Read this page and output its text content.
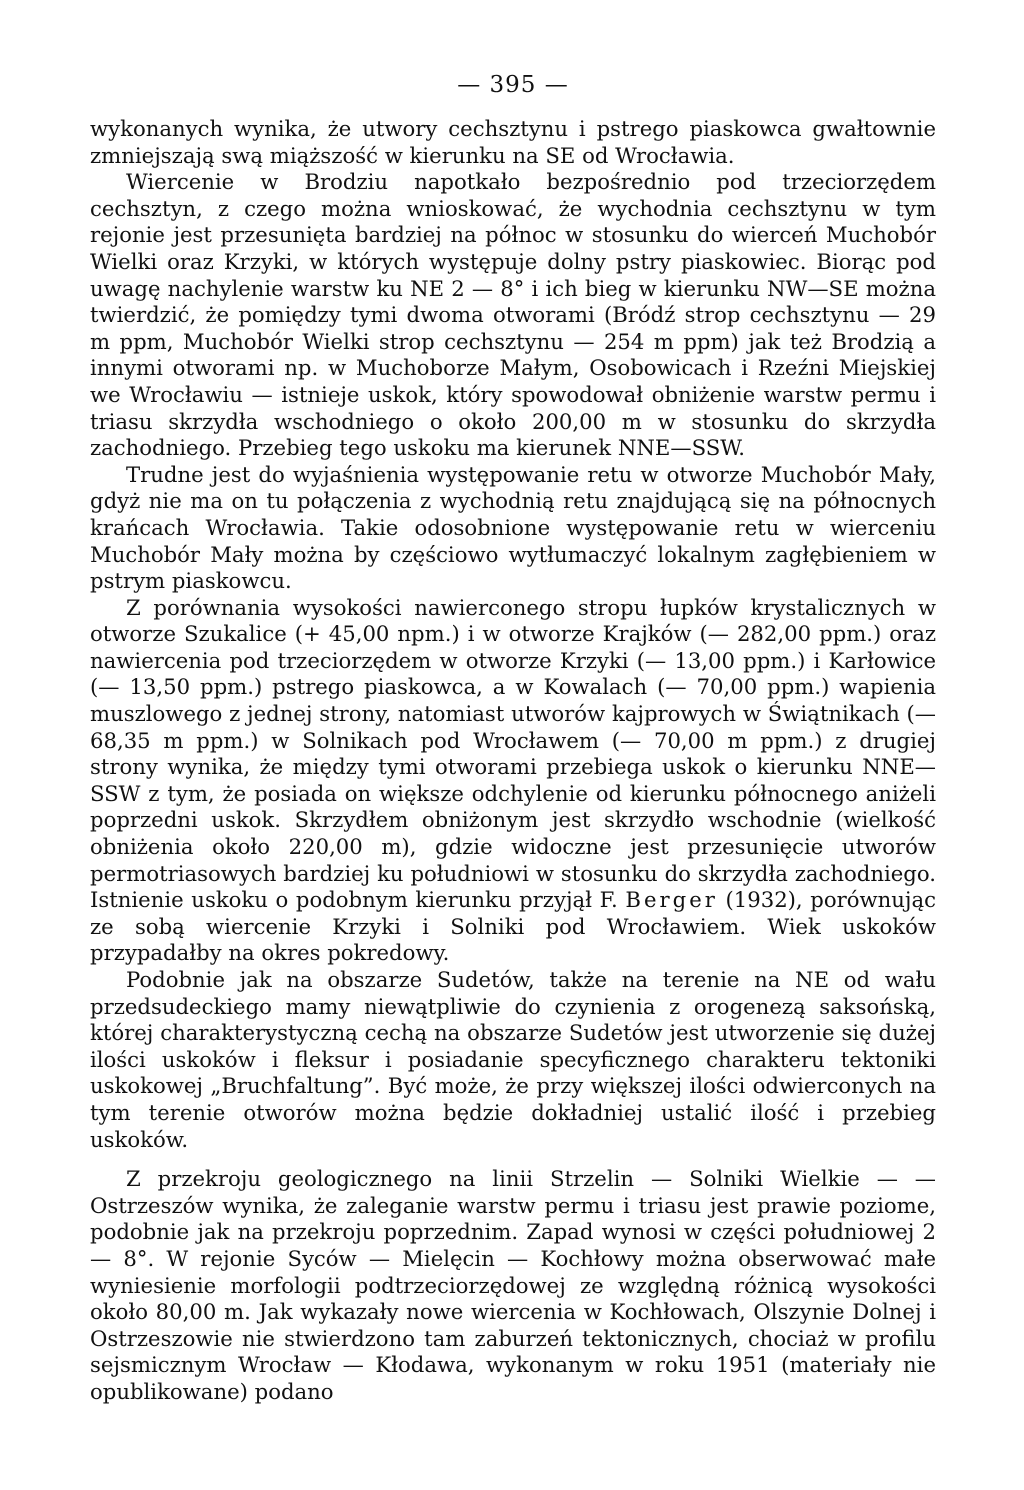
— 395 —

wykonanych wynika, że utwory cechsztynu i pstrego piaskowca gwałtownie zmniejszają swą miąższość w kierunku na SE od Wrocławia.

Wiercenie w Brodziu napotkało bezpośrednio pod trzeciorzędem cechsztyn, z czego można wnioskować, że wychodnia cechsztynu w tym rejonie jest przesunięta bardziej na północ w stosunku do wierceń Muchobór Wielki oraz Krzyki, w których występuje dolny pstry piaskowiec. Biorąc pod uwagę nachylenie warstw ku NE 2 — 8° i ich bieg w kierunku NW—SE można twierdzić, że pomiędzy tymi dwoma otworami (Bródź strop cechsztynu — 29 m ppm, Muchobór Wielki strop cechsztynu — 254 m ppm) jak też Brodzią a innymi otworami np. w Muchoborze Małym, Osobowicach i Rzeźni Miejskiej we Wrocławiu — istnieje uskok, który spowodował obniżenie warstw permu i triasu skrzydła wschodniego o około 200,00 m w stosunku do skrzydła zachodniego. Przebieg tego uskoku ma kierunek NNE—SSW.

Trudne jest do wyjaśnienia występowanie retu w otworze Muchobór Mały, gdyż nie ma on tu połączenia z wychodnią retu znajdującą się na północnych krańcach Wrocławia. Takie odosobnione występowanie retu w wierceniu Muchobór Mały można by częściowo wytłumaczyć lokalnym zagłębieniem w pstrym piaskowcu.

Z porównania wysokości nawierconego stropu łupków krystalicznych w otworze Szukalice (+ 45,00 npm.) i w otworze Krajków (— 282,00 ppm.) oraz nawiercenia pod trzeciorzędem w otworze Krzyki (— 13,00 ppm.) i Karłowice (— 13,50 ppm.) pstrego piaskowca, a w Kowalach (— 70,00 ppm.) wapienia muszlowego z jednej strony, natomiast utworów kajprowych w Świątnikach (— 68,35 m ppm.) w Solnikach pod Wrocławem (— 70,00 m ppm.) z drugiej strony wynika, że między tymi otworami przebiega uskok o kierunku NNE—SSW z tym, że posiada on większe odchylenie od kierunku północnego aniżeli poprzedni uskok. Skrzydłem obniżonym jest skrzydło wschodnie (wielkość obniżenia około 220,00 m), gdzie widoczne jest przesunięcie utworów permotriasowych bardziej ku południowi w stosunku do skrzydła zachodniego. Istnienie uskoku o podobnym kierunku przyjął F. Berger (1932), porównując ze sobą wiercenie Krzyki i Solniki pod Wrocławiem. Wiek uskoków przypadałby na okres pokredowy.

Podobnie jak na obszarze Sudetów, także na terenie na NE od wału przedsudeckiego mamy niewątpliwie do czynienia z orogenezą saksońską, której charakterystyczną cechą na obszarze Sudetów jest utworzenie się dużej ilości uskoków i fleksur i posiadanie specyficznego charakteru tektoniki uskokowej „Bruchfaltung”. Być może, że przy większej ilości odwierconych na tym terenie otworów można będzie dokładniej ustalić ilość i przebieg uskoków.

Z przekroju geologicznego na linii Strzelin — Solniki Wielkie — — Ostrzeszów wynika, że zaleganie warstw permu i triasu jest prawie poziome, podobnie jak na przekroju poprzednim. Zapad wynosi w części południowej 2 — 8°. W rejonie Syców — Mielęcin — Kochłowy można obserwować małe wyniesienie morfologii podtrzeciorzędowej ze względną różnicą wysokości około 80,00 m. Jak wykazały nowe wiercenia w Kochłowach, Olszynie Dolnej i Ostrzeszowie nie stwierdzono tam zaburzeń tektonicznych, chociaż w profilu sejsmicznym Wrocław — Kłodawa, wykonanym w roku 1951 (materiały nie opublikowane) podano
